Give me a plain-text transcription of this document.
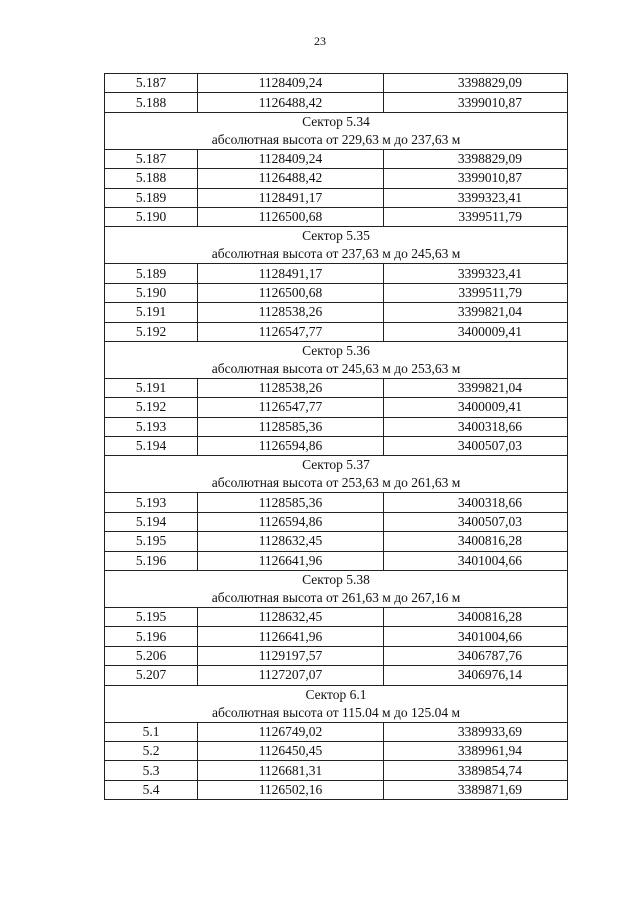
23
5.187	1128409,24	3398829,09
5.188	1126488,42	3399010,87

Сектор 5.34
абсолютная высота от 229,63 м до 237,63 м		

5.187	1128409,24	3398829,09
5.188	1126488,42	3399010,87
5.189	1128491,17	3399323,41
5.190	1126500,68	3399511,79

Сектор 5.35
абсолютная высота от 237,63 м до 245,63 м		

5.189	1128491,17	3399323,41
5.190	1126500,68	3399511,79
5.191	1128538,26	3399821,04
5.192	1126547,77	3400009,41

Сектор 5.36
абсолютная высота от 245,63 м до 253,63 м		

5.191	1128538,26	3399821,04
5.192	1126547,77	3400009,41
5.193	1128585,36	3400318,66
5.194	1126594,86	3400507,03

Сектор 5.37
абсолютная высота от 253,63 м до 261,63 м		

5.193	1128585,36	3400318,66
5.194	1126594,86	3400507,03
5.195	1128632,45	3400816,28
5.196	1126641,96	3401004,66

Сектор 5.38
абсолютная высота от 261,63 м до 267,16 м		

5.195	1128632,45	3400816,28
5.196	1126641,96	3401004,66
5.206	1129197,57	3406787,76
5.207	1127207,07	3406976,14

Сектор 6.1
абсолютная высота от 115.04 м до 125.04 м		

5.1	1126749,02	3389933,69
5.2	1126450,45	3389961,94
5.3	1126681,31	3389854,74
5.4	1126502,16	3389871,69
